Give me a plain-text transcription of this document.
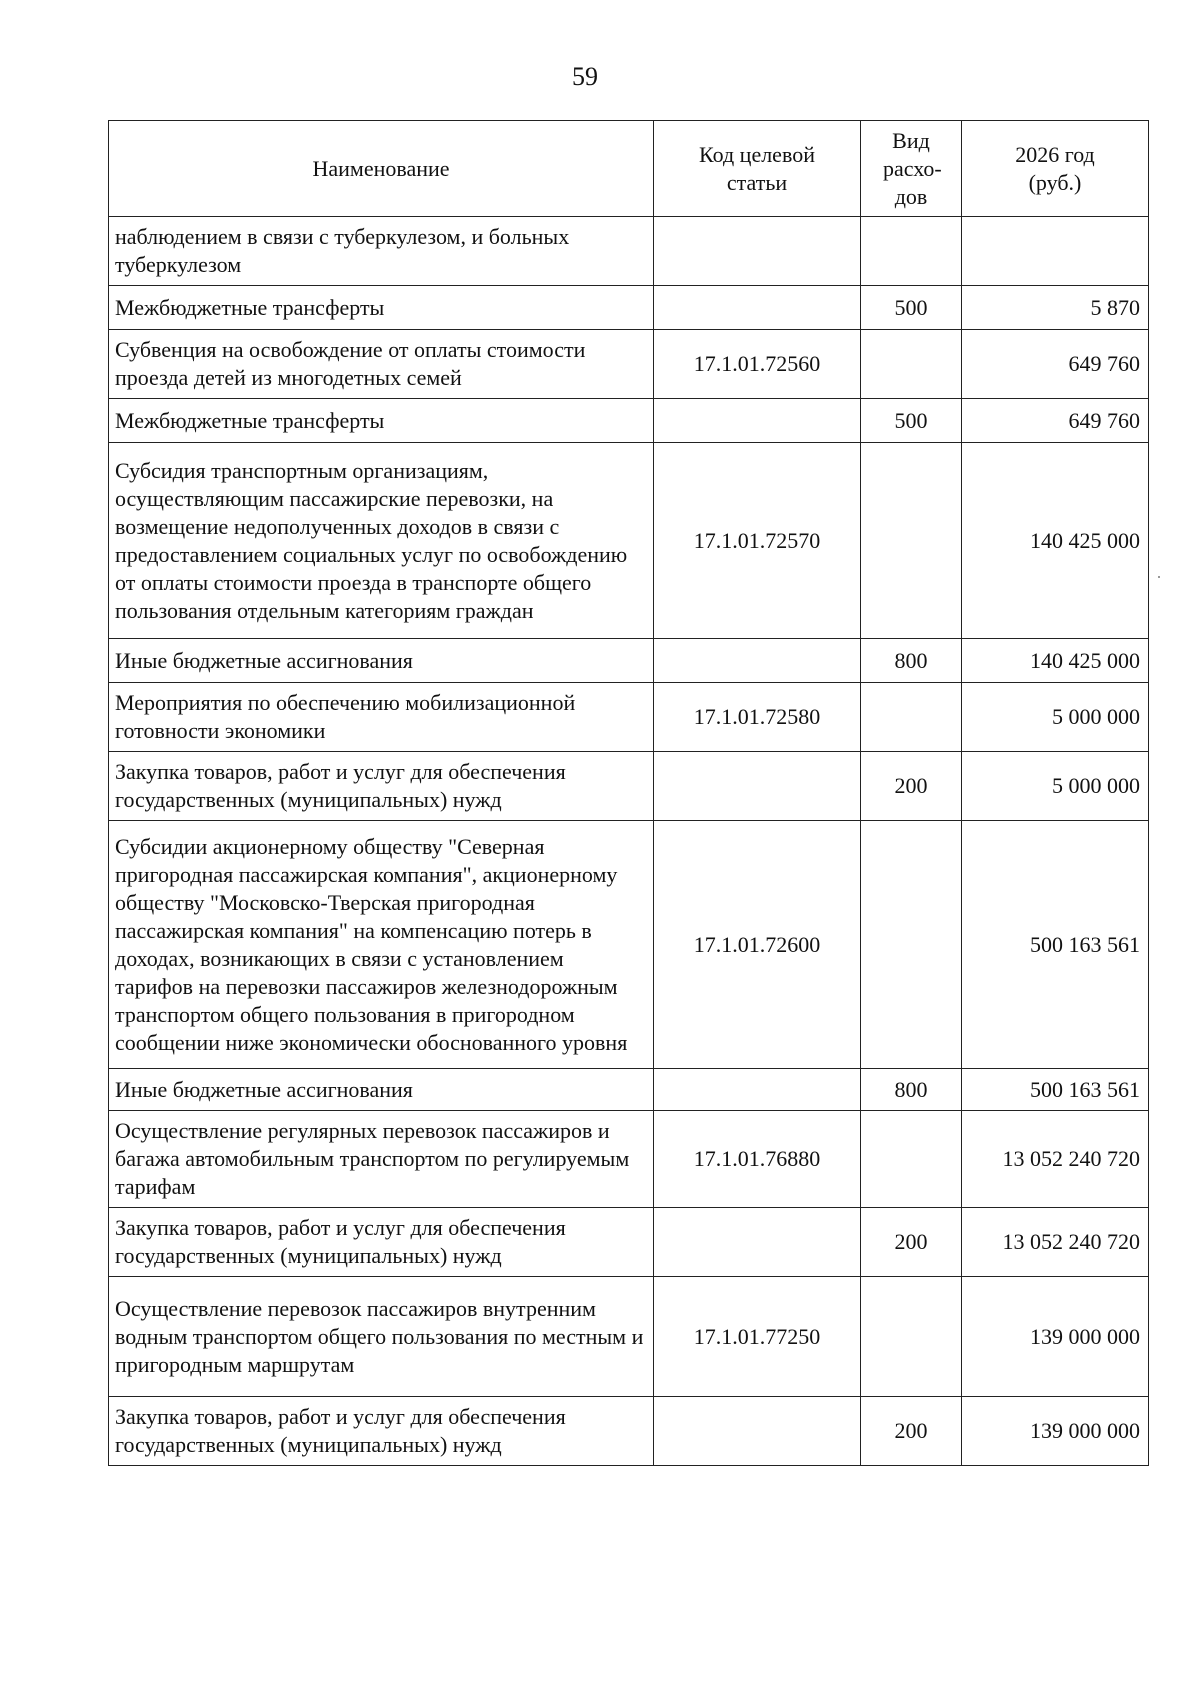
59
Наименование	Код целевой статьи	Вид расхо- дов	2026 год (руб.)
наблюдением в связи с туберкулезом, и больных туберкулезом			
Межбюджетные трансферты		500	5 870
Субвенция на освобождение от оплаты стоимости проезда детей из многодетных семей	17.1.01.72560		649 760
Межбюджетные трансферты		500	649 760
Субсидия транспортным организациям, осуществляющим пассажирские перевозки, на возмещение недополученных доходов в связи с предоставлением социальных услуг по освобождению от оплаты стоимости проезда в транспорте общего пользования отдельным категориям граждан	17.1.01.72570		140 425 000
Иные бюджетные ассигнования		800	140 425 000
Мероприятия по обеспечению мобилизационной готовности экономики	17.1.01.72580		5 000 000
Закупка товаров, работ и услуг для обеспечения государственных (муниципальных) нужд		200	5 000 000
Субсидии акционерному обществу "Северная пригородная пассажирская компания", акционерному обществу "Московско-Тверская пригородная пассажирская компания" на компенсацию потерь в доходах, возникающих в связи с установлением тарифов на перевозки пассажиров железнодорожным транспортом общего пользования в пригородном сообщении ниже экономически обоснованного уровня	17.1.01.72600		500 163 561
Иные бюджетные ассигнования		800	500 163 561
Осуществление регулярных перевозок пассажиров и багажа автомобильным транспортом по регулируемым тарифам	17.1.01.76880		13 052 240 720
Закупка товаров, работ и услуг для обеспечения государственных (муниципальных) нужд		200	13 052 240 720
Осуществление перевозок пассажиров внутренним водным транспортом общего пользования по местным и пригородным маршрутам	17.1.01.77250		139 000 000
Закупка товаров, работ и услуг для обеспечения государственных (муниципальных) нужд		200	139 000 000
